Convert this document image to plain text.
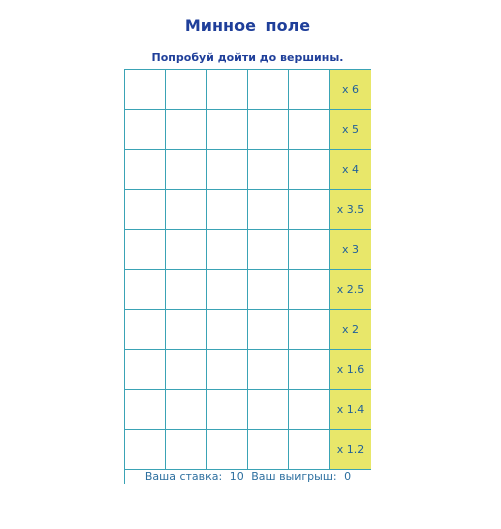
Минное поле
Попробуй дойти до вершины.
x 6
x 5
x 4
x 3.5
x 3
x 2.5
x 2
x 1.6
x 1.4
x 1.2
Ваша ставка: 10 Ваш выигрыш: 0
